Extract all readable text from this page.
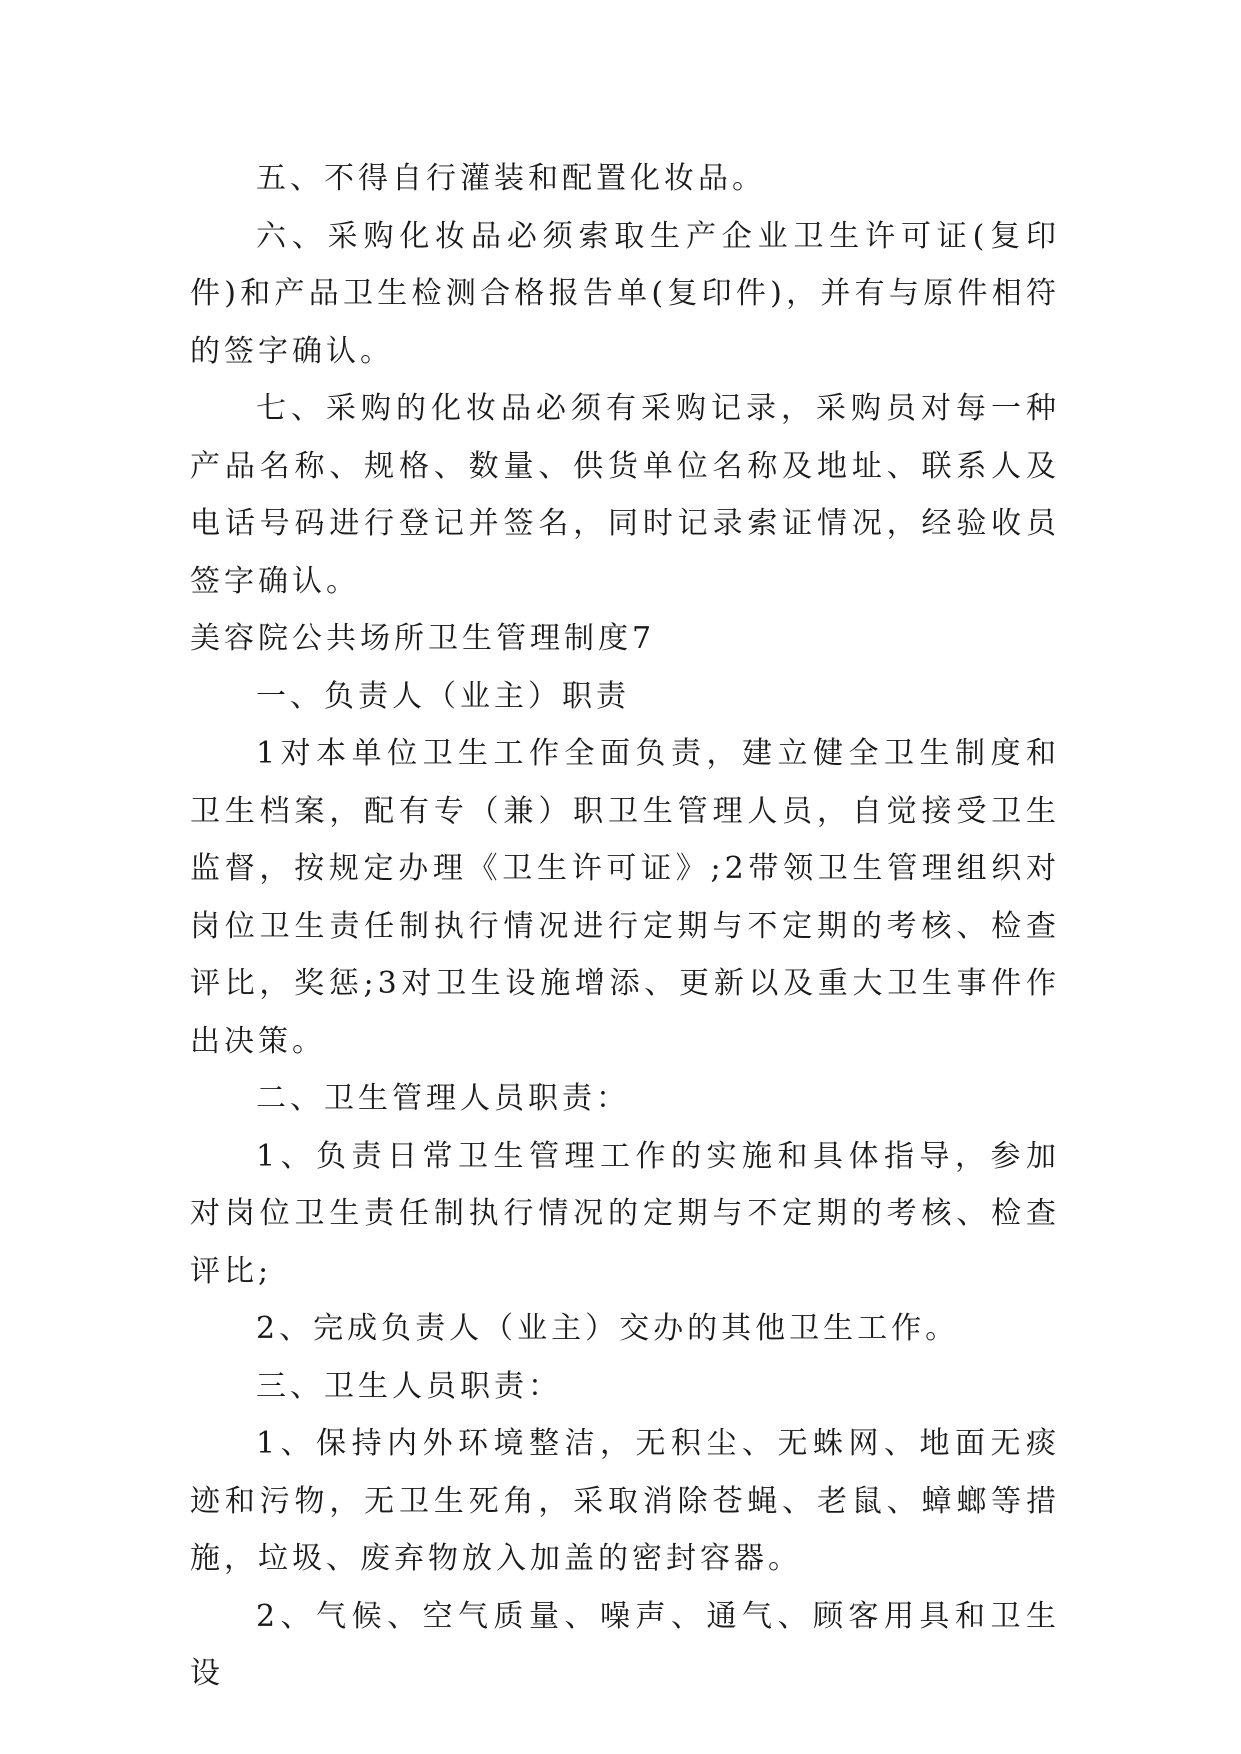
五、不得自行灌装和配置化妆品。

六、采购化妆品必须索取生产企业卫生许可证(复印件)和产品卫生检测合格报告单(复印件)，并有与原件相符的签字确认。

七、采购的化妆品必须有采购记录，采购员对每一种产品名称、规格、数量、供货单位名称及地址、联系人及电话号码进行登记并签名，同时记录索证情况，经验收员签字确认。

美容院公共场所卫生管理制度7

一、负责人（业主）职责

1对本单位卫生工作全面负责，建立健全卫生制度和卫生档案，配有专（兼）职卫生管理人员，自觉接受卫生监督，按规定办理《卫生许可证》;2带领卫生管理组织对岗位卫生责任制执行情况进行定期与不定期的考核、检查评比，奖惩;3对卫生设施增添、更新以及重大卫生事件作出决策。

二、卫生管理人员职责：

1、负责日常卫生管理工作的实施和具体指导，参加对岗位卫生责任制执行情况的定期与不定期的考核、检查评比;

2、完成负责人（业主）交办的其他卫生工作。

三、卫生人员职责：

1、保持内外环境整洁，无积尘、无蛛网、地面无痰迹和污物，无卫生死角，采取消除苍蝇、老鼠、蟑螂等措施，垃圾、废弃物放入加盖的密封容器。

2、气候、空气质量、噪声、通气、顾客用具和卫生设
